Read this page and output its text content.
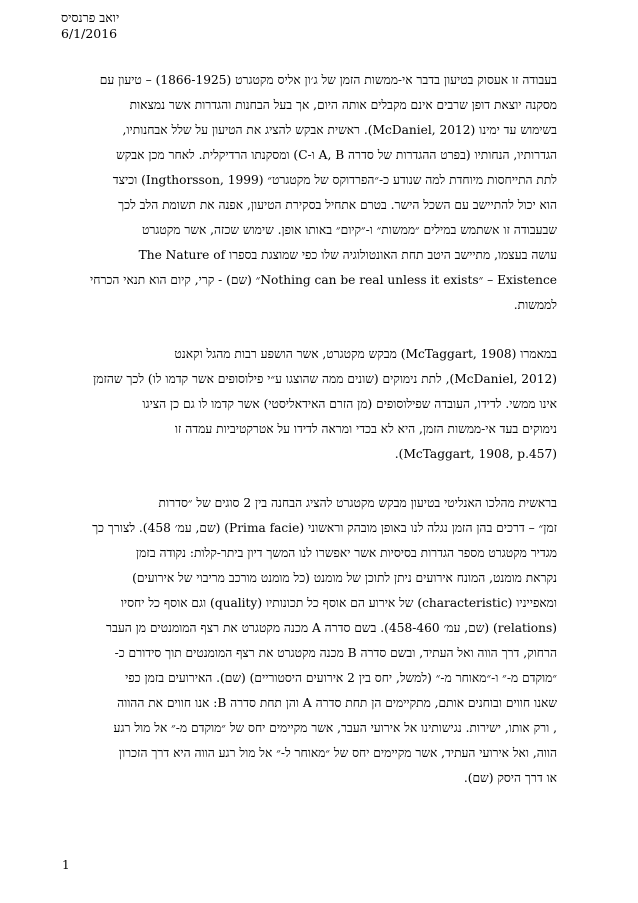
יואב פרנסיס
6/1/2016
בעבודה זו אעסוק בטיעון בדבר אי-ממשות הזמן של ג׳ון אליס מקטגרט (1866-1925) – טיעון עם
מסקנה יוצאת דופן שרבים אינם מקבלים אותה היום, אך בעל הבחנות והגדרות אשר נמצאות
בשימוש עד ימינו (McDaniel, 2012). ראשית אבקש להציג את הטיעון על שלל אבחנותיו,
הגדרותיו, הנחותיו (בפרט ההגדרות של סדרה A, B ו-C) ומסקנתו הרדיקלית. לאחר מכן אבקש
לתת התייחסות מיוחדת למה שנודע כ-״הפרדוקס של מקטגרט״ (Ingthorsson, 1999) וכיצד
הוא יכול להתיישב עם השכל הישר. בטרם אתחיל בסקירת הטיעון, אפנה את תשומת הלב לכך
שבעבודה זו אשתמש במילים ״ממשות״ ו-״קיום״ באותו אופן. שימוש שכזה, אשר מקטגרט
עושה בעצמו, מתיישב היטב תחת האונטולוגיה שלו כפי שמוצגת בספרו The Nature of
Existence – ״Nothing can be real unless it exists״ (שם) - קרי, קיום הוא תנאי הכרחי
לממשות.
במאמרו (McTaggart, 1908) מבקש מקטגרט, אשר הושפע רבות מהגל וקאנט
(McDaniel, 2012), לתת נימוקים (שונים ממה שהוצגו ע״י פילוסופים אשר קדמו לו) לכך שהזמן
אינו ממשי. לדידו, העובדה שפילוסופים (מן הזרם האידאליסטי) אשר קדמו לו גם כן הציגו
נימוקים בעד אי-ממשות הזמן, היא לא בכדי ומראה לדידו על אטרקטיביות עמדה זו
(McTaggart, 1908, p.457).
בראשית מהלכו האנליטי בטיעון מבקש מקטגרט להציג הבחנה בין 2 סוגים של ״סדרות
זמן״ – דרכים בהן הזמן נגלה לנו באופן מובהק וראשוני (Prima facie) (שם, עמ׳ 458). לצורך כך
מגדיר מקטגרט מספר הגדרות בסיסיות אשר יאפשרו לנו המשך דיון ביתר-קלות: נקודה בזמן
נקראת מומנט, המונח אירועים ניתן לתוכן של מומנט (כל מומנט מורכב מריבוי של אירועים)
ומאפייניו (characteristic) של אירוע הם אוסף כל תכונותיו (quality) וגם אוסף כל יחסיו
(relations) (שם, עמ׳ 458-460). בשם סדרה A מכנה מקטגרט את רצף המומנטים מן העבר
הרחוק, דרך הווה ואל העתיד, ובשם סדרה B מכנה מקטגרט את רצף המומנטים תוך סידורם כ-
״מוקדם מ-״ ו-״מאוחר מ-״ (למשל, יחס בין 2 אירועים היסטוריים) (שם). האירועים בזמן כפי
שאנו חווים ובוחנים אותם, מתקיימים הן תחת סדרה A והן תחת סדרה B: אנו חווים את ההווה
, ורק אותו, ישירות. נגישותינו אל אירועי העבר, אשר מקיימים יחס של ״מוקדם מ-״ אל מול רגע
הווה, ואל אירועי העתיד, אשר מקיימים יחס של ״מאוחר ל-״ אל מול רגע הווה היא דרך הזכרון
או דרך היסק (שם).
1
